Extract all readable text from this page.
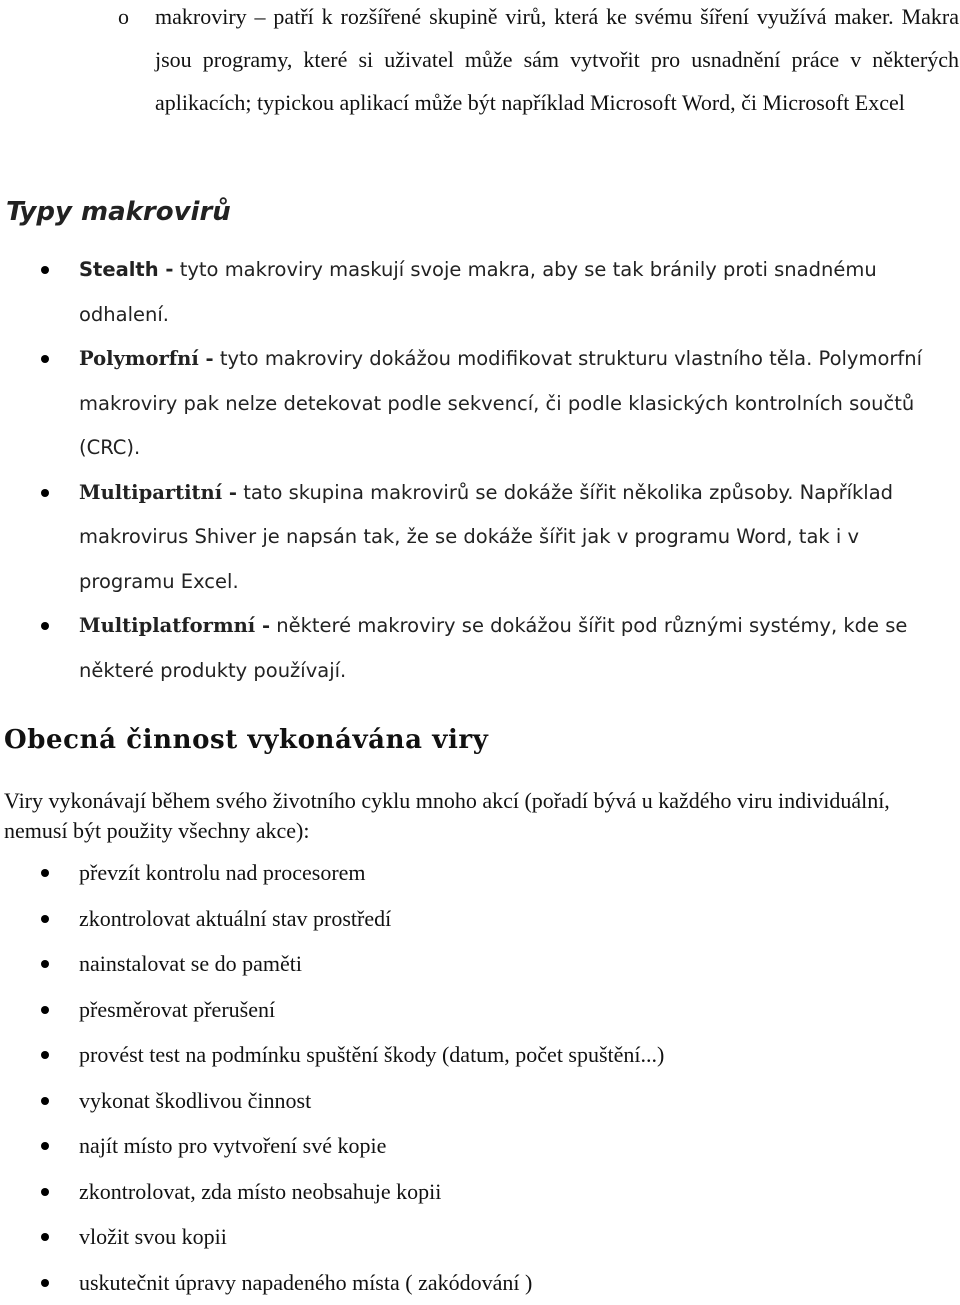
o makroviry – patří k rozšířené skupině virů, která ke svému šíření využívá maker. Makra jsou programy, které si uživatel může sám vytvořit pro usnadnění práce v některých aplikacích; typickou aplikací může být například Microsoft Word, či Microsoft Excel
Typy makrovirů
Stealth - tyto makroviry maskují svoje makra, aby se tak bránily proti snadnému odhalení.
Polymorfní - tyto makroviry dokážou modifikovat strukturu vlastního těla. Polymorfní makroviry pak nelze detekovat podle sekvencí, či podle klasických kontrolních součtů (CRC).
Multipartitní - tato skupina makrovirů se dokáže šířit několika způsoby. Například makrovirus Shiver je napsán tak, že se dokáže šířit jak v programu Word, tak i v programu Excel.
Multiplatformní - některé makroviry se dokážou šířit pod různými systémy, kde se některé produkty používají.
Obecná činnost vykonávána viry
Viry vykonávají během svého životního cyklu mnoho akcí (pořadí bývá u každého viru individuální, nemusí být použity všechny akce):
převzít kontrolu nad procesorem
zkontrolovat aktuální stav prostředí
nainstalovat se do paměti
přesměrovat přerušení
provést test na podmínku spuštění škody (datum, počet spuštění...)
vykonat škodlivou činnost
najít místo pro vytvoření své kopie
zkontrolovat, zda místo neobsahuje kopii
vložit svou kopii
uskutečnit úpravy napadeného místa ( zakódování )
